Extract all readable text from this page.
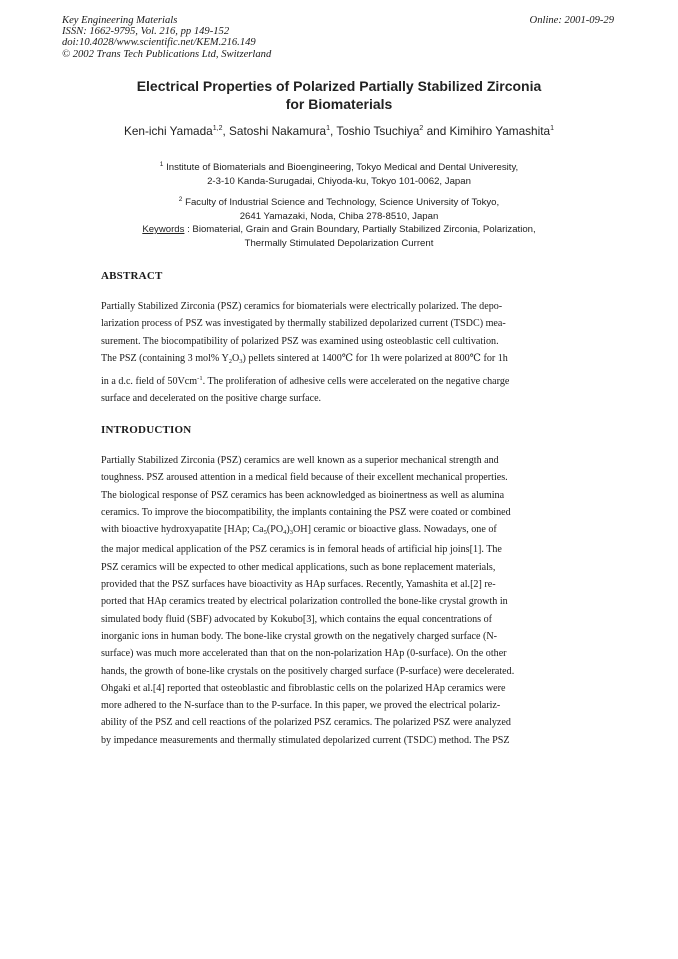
Key Engineering Materials
ISSN: 1662-9795, Vol. 216, pp 149-152
doi:10.4028/www.scientific.net/KEM.216.149
© 2002 Trans Tech Publications Ltd, Switzerland
Online: 2001-09-29
Electrical Properties of Polarized Partially Stabilized Zirconia
for Biomaterials
Ken-ichi Yamada$^{1,2}$, Satoshi Nakamura$^1$, Toshio Tsuchiya$^2$ and Kimihiro Yamashita$^1$
$^1$ Institute of Biomaterials and Bioengineering, Tokyo Medical and Dental Univeresity,
2-3-10 Kanda-Surugadai, Chiyoda-ku, Tokyo 101-0062, Japan
$^2$ Faculty of Industrial Science and Technology, Science University of Tokyo,
2641 Yamazaki, Noda, Chiba 278-8510, Japan
Keywords : Biomaterial, Grain and Grain Boundary, Partially Stabilized Zirconia, Polarization,
Thermally Stimulated Depolarization Current
ABSTRACT
Partially Stabilized Zirconia (PSZ) ceramics for biomaterials were electrically polarized. The depo-
larization process of PSZ was investigated by thermally stabilized depolarized current (TSDC) mea-
surement. The biocompatibility of polarized PSZ was examined using osteoblastic cell cultivation.
The PSZ (containing 3 mol% $Y_2O_3$) pellets sintered at 1400℃ for 1h were polarized at 800℃ for 1h
in a d.c. field of 50Vcm$^{-1}$. The proliferation of adhesive cells were accelerated on the negative charge
surface and decelerated on the positive charge surface.
INTRODUCTION
Partially Stabilized Zirconia (PSZ) ceramics are well known as a superior mechanical strength and
toughness. PSZ aroused attention in a medical field because of their excellent mechanical properties.
The biological response of PSZ ceramics has been acknowledged as bioinertness as well as alumina
ceramics. To improve the biocompatibility, the implants containing the PSZ were coated or combined
with bioactive hydroxyapatite [HAp; $Ca_5(PO_4)_3OH$] ceramic or bioactive glass. Nowadays, one of
the major medical application of the PSZ ceramics is in femoral heads of artificial hip joins[1]. The
PSZ ceramics will be expected to other medical applications, such as bone replacement materials,
provided that the PSZ surfaces have bioactivity as HAp surfaces. Recently, Yamashita et al.[2] re-
ported that HAp ceramics treated by electrical polarization controlled the bone-like crystal growth in
simulated body fluid (SBF) advocated by Kokubo[3], which contains the equal concentrations of
inorganic ions in human body. The bone-like crystal growth on the negatively charged surface (N-
surface) was much more accelerated than that on the non-polarization HAp (0-surface). On the other
hands, the growth of bone-like crystals on the positively charged surface (P-surface) were decelerated.
Ohgaki et al.[4] reported that osteoblastic and fibroblastic cells on the polarized HAp ceramics were
more adhered to the N-surface than to the P-surface. In this paper, we proved the electrical polariz-
ability of the PSZ and cell reactions of the polarized PSZ ceramics. The polarized PSZ were analyzed
by impedance measurements and thermally stimulated depolarized current (TSDC) method. The PSZ
